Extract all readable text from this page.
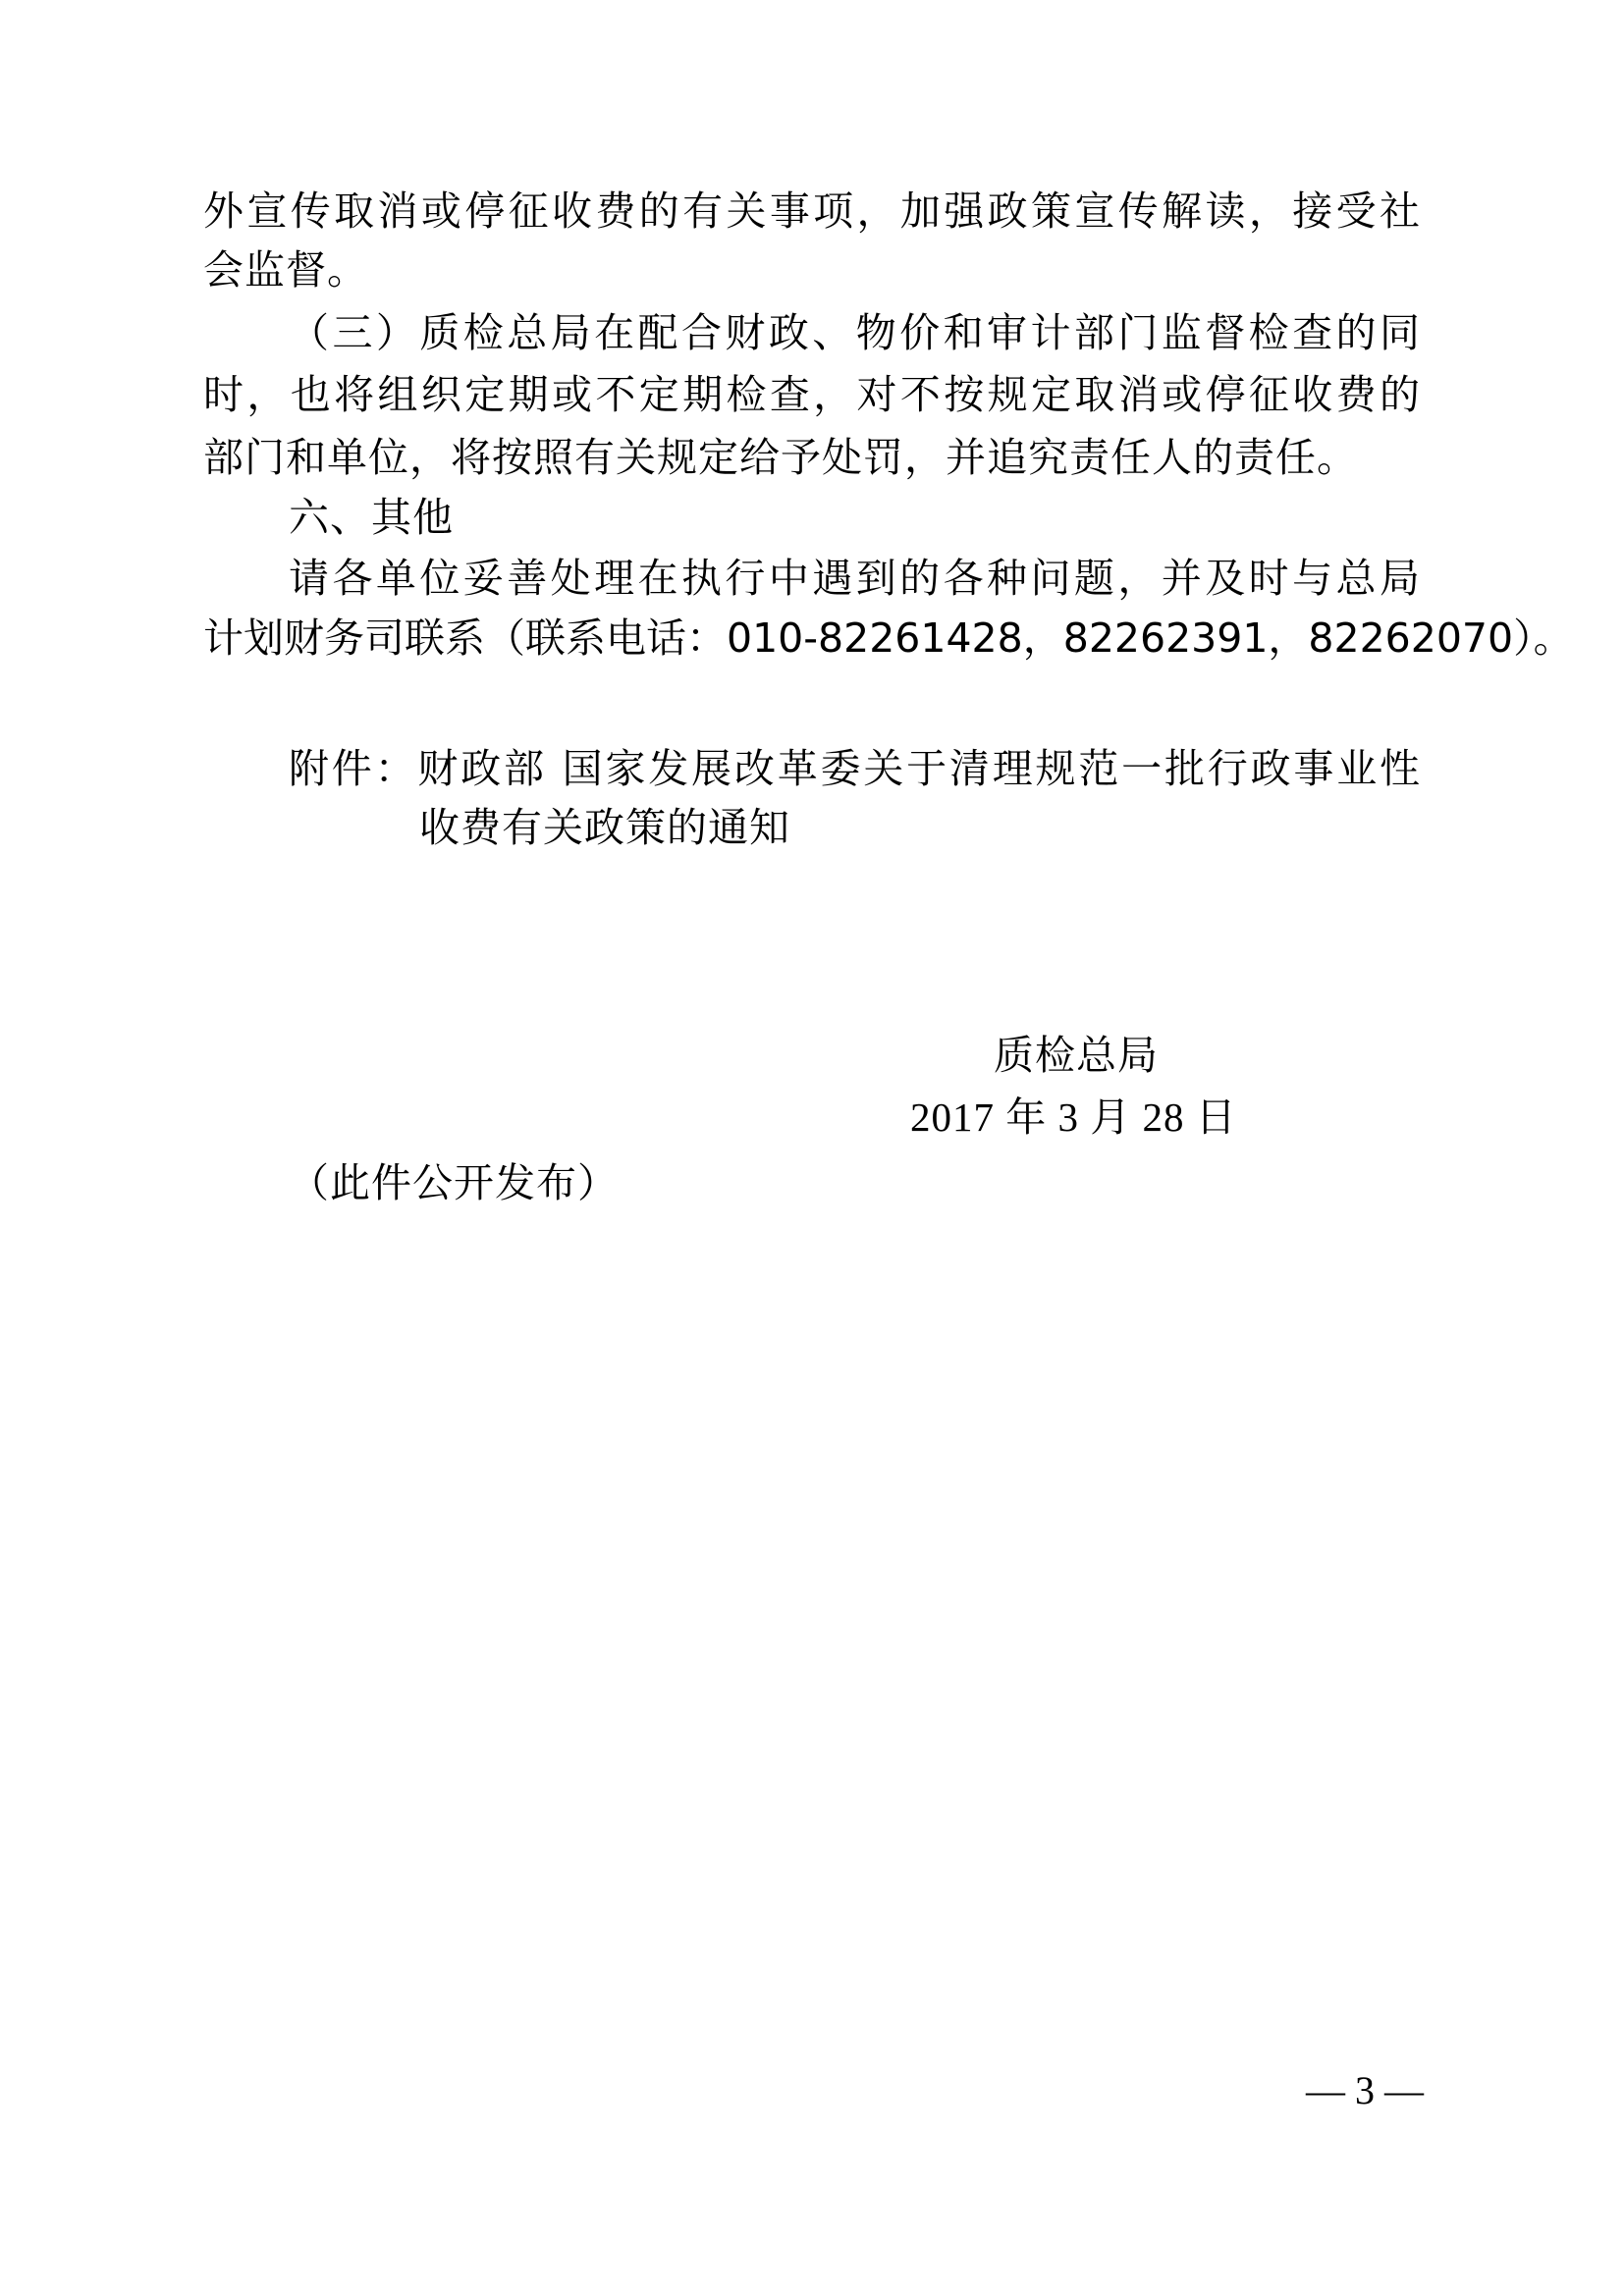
外宣传取消或停征收费的有关事项，加强政策宣传解读，接受社
会监督。
（三）质检总局在配合财政、物价和审计部门监督检查的同
时，也将组织定期或不定期检查，对不按规定取消或停征收费的
部门和单位，将按照有关规定给予处罚，并追究责任人的责任。
六、其他
请各单位妥善处理在执行中遇到的各种问题，并及时与总局
计划财务司联系（联系电话：010-82261428，82262391，82262070）。
附件：财政部 国家发展改革委关于清理规范一批行政事业性
收费有关政策的通知
质检总局
2017 年 3 月 28 日
（此件公开发布）
— 3 —
